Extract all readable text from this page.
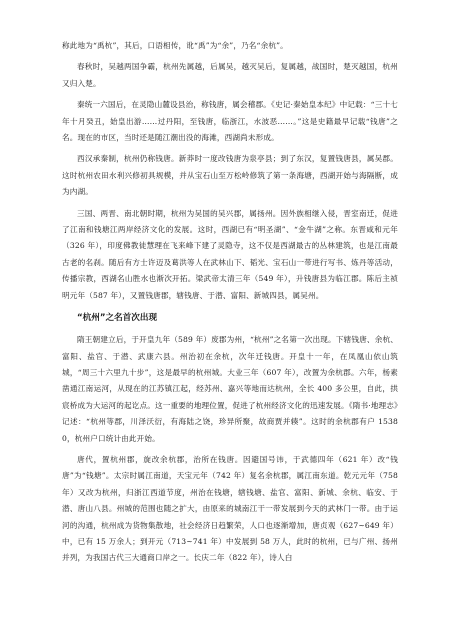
称此地为“禹杭”，其后，口语相传，讹“禹”为“余”，乃名“余杭”。

春秋时，吴越两国争霸，杭州先属越，后属吴，越灭吴后，复属越，战国时，楚灭越国，杭州又归入楚。

秦统一六国后，在灵隐山麓设县治，称钱唐，属会稽郡。《史记·秦始皇本纪》中记载：“三十七年十月癸丑，始皇出游……过丹阳，至钱唐，临浙江，水波恶……。”这是史籍最早记载“钱唐”之名。现在的市区，当时还是随江潮出没的海滩，西湖尚未形成。

西汉承秦制，杭州仍称钱唐。新莽时一度改钱唐为泉亭县；到了东汉，复置钱唐县，属吴郡。这时杭州农田水利兴修初具规模，并从宝石山至万松岭修筑了第一条海塘，西湖开始与海隔断，成为内湖。

三国、两晋、南北朝时期，杭州为吴国的吴兴郡，属扬州。因外族相继入侵，晋室南迁，促进了江南和钱塘江两岸经济文化的发展。这时，西湖已有“明圣湖”、“金牛湖”之称。东晋咸和元年（326 年），印度佛教徒慧理在飞来峰下建了灵隐寺，这不仅是西湖最古的丛林建筑，也是江南最古老的名刹。随后有方士许迈及葛洪等人在武林山下、韬光、宝石山一带进行写书、炼丹等活动，传播宗教，西湖名山胜水也渐次开拓。梁武帝太清三年（549 年），升钱唐县为临江郡。陈后主祯明元年（587 年），又置钱唐郡，辖钱唐、于潜、富阳、新城四县，属吴州。

“杭州”之名首次出现

隋王朝建立后，于开皇九年（589 年）废郡为州，“杭州”之名第一次出现。下辖钱唐、余杭、富阳、盐官、于潜、武康六县。州治初在余杭，次年迁钱唐。开皇十一年，在凤凰山依山筑城，“周三十六里九十步”，这是最早的杭州城。大业三年（607 年），改置为余杭郡。六年，杨素凿通江南运河，从现在的江苏镇江起，经苏州、嘉兴等地而达杭州，全长 400 多公里，自此，拱宸桥成为大运河的起讫点。这一重要的地理位置，促进了杭州经济文化的迅速发展。《隋书·地理志》记述：“杭州等郡，川泽沃衍，有海陆之饶，珍异所聚，故商贾并辏”。这时的余杭郡有户 15380，杭州户口统计由此开始。

唐代，置杭州郡，旋改余杭郡，治所在钱唐。因避国号讳，于武德四年（621 年）改“钱唐”为“钱塘”。太宗时属江南道，天宝元年（742 年）复名余杭郡，属江南东道。乾元元年（758 年）又改为杭州，归浙江西道节度，州治在钱塘，辖钱塘、盐官、富阳、新城、余杭、临安、于潜、唐山八县。州城的范围也随之扩大，由原来的城南江干一带发展到今天的武林门一带。由于运河的沟通，杭州成为货物集散地，社会经济日趋繁荣，人口也逐渐增加，唐贞观（627~649 年）中，已有 15 万余人；到开元（713~741 年）中发展到 58 万人，此时的杭州，已与广州、扬州并列，为我国古代三大通商口岸之一。长庆二年（822 年），诗人白
